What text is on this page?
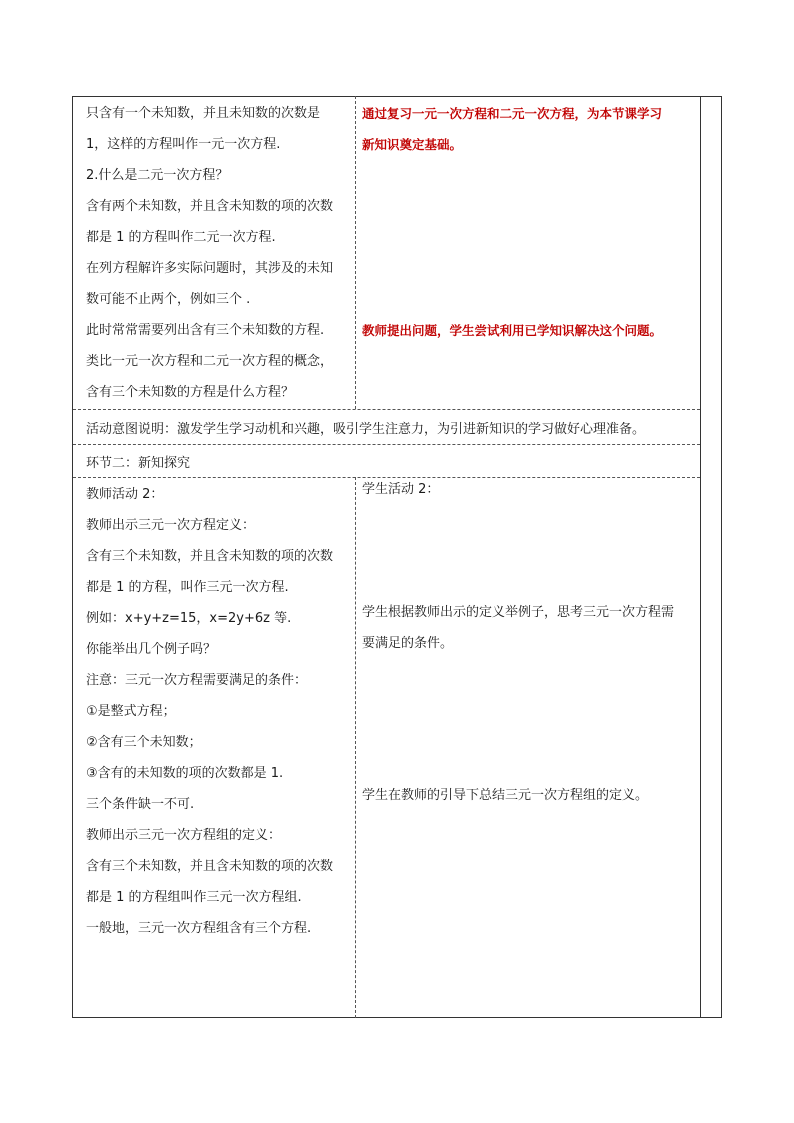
只含有一个未知数，并且未知数的次数是
1，这样的方程叫作一元一次方程.
2.什么是二元一次方程？
含有两个未知数，并且含未知数的项的次数
都是 1 的方程叫作二元一次方程.
在列方程解许多实际问题时，其涉及的未知
数可能不止两个，例如三个 .
此时常常需要列出含有三个未知数的方程.
类比一元一次方程和二元一次方程的概念，
含有三个未知数的方程是什么方程？
通过复习一元一次方程和二元一次方程，为本节课学习
新知识奠定基础。
教师提出问题，学生尝试利用已学知识解决这个问题。
活动意图说明：激发学生学习动机和兴趣，吸引学生注意力，为引进新知识的学习做好心理准备。
环节二：新知探究
教师活动 2：
教师出示三元一次方程定义：
含有三个未知数，并且含未知数的项的次数
都是 1 的方程，叫作三元一次方程.
例如：x+y+z=15，x=2y+6z 等.
你能举出几个例子吗？
注意：三元一次方程需要满足的条件：
①是整式方程；
②含有三个未知数；
③含有的未知数的项的次数都是 1.
三个条件缺一不可.
教师出示三元一次方程组的定义：
含有三个未知数，并且含未知数的项的次数
都是 1 的方程组叫作三元一次方程组.
一般地，三元一次方程组含有三个方程.
学生活动 2：
学生根据教师出示的定义举例子，思考三元一次方程需
要满足的条件。
学生在教师的引导下总结三元一次方程组的定义。
